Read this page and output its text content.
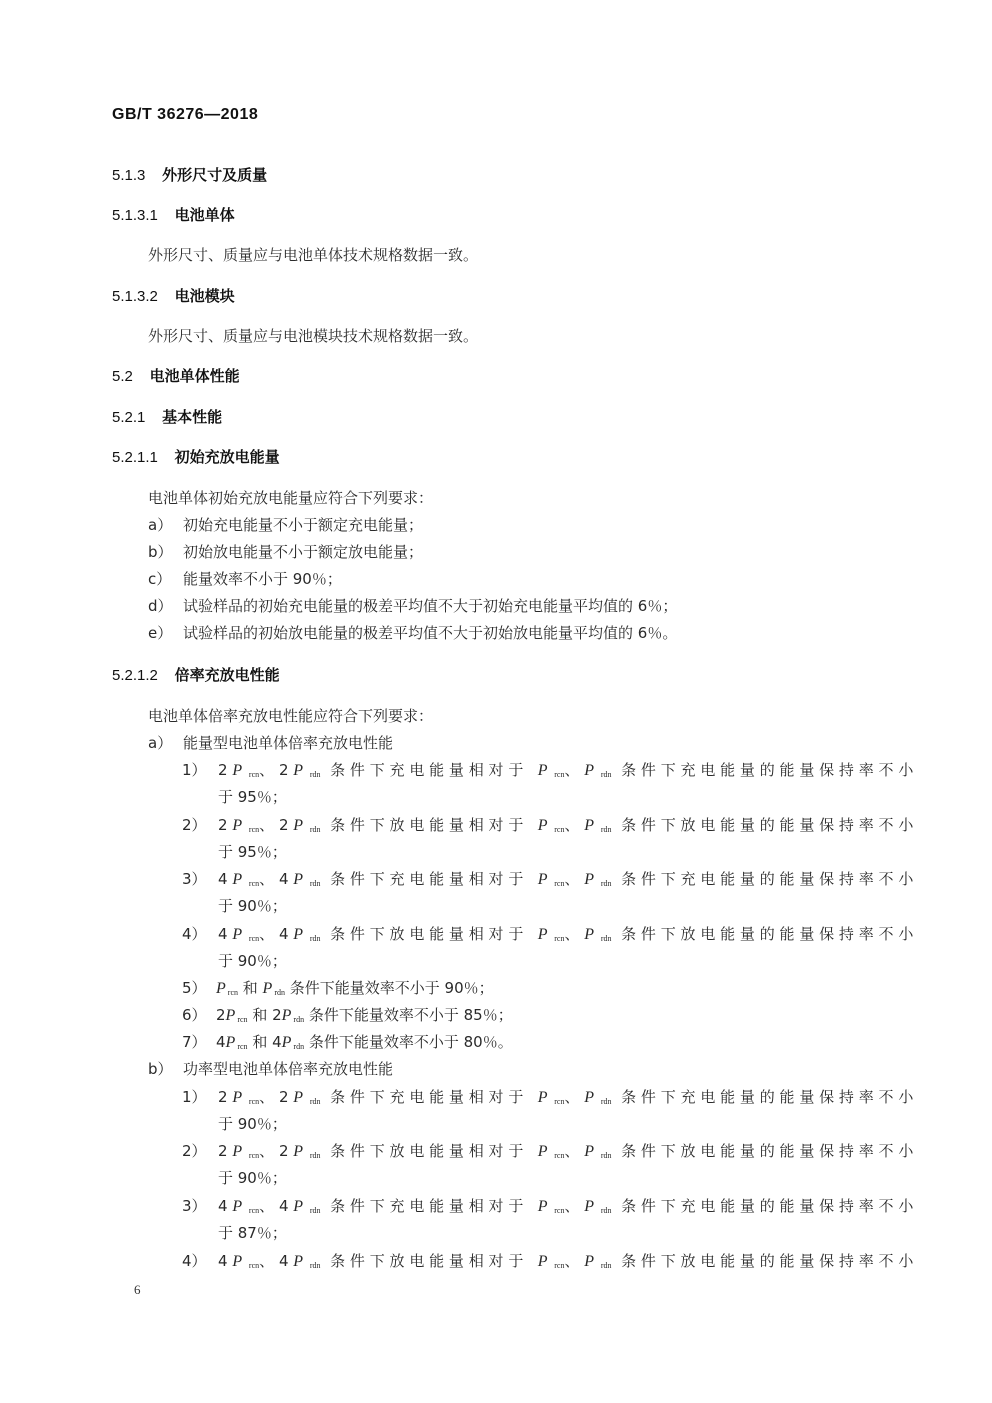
GB/T 36276—2018
5.1.3 外形尺寸及质量
5.1.3.1 电池单体
外形尺寸、质量应与电池单体技术规格数据一致。
5.1.3.2 电池模块
外形尺寸、质量应与电池模块技术规格数据一致。
5.2 电池单体性能
5.2.1 基本性能
5.2.1.1 初始充放电能量
电池单体初始充放电能量应符合下列要求：
a） 初始充电能量不小于额定充电能量；
b） 初始放电能量不小于额定放电能量；
c） 能量效率不小于 90％；
d） 试验样品的初始充电能量的极差平均值不大于初始充电能量平均值的 6％；
e） 试验样品的初始放电能量的极差平均值不大于初始放电能量平均值的 6％。
5.2.1.2 倍率充放电性能
电池单体倍率充放电性能应符合下列要求：
a） 能量型电池单体倍率充放电性能
1） 2P $_{rcn}$、2P $_{rdn}$ 条件下充电能量相对于 P $_{rcn}$、P $_{rdn}$ 条件下充电能量的能量保持率不小
于 95％；
2） 2P $_{rcn}$、2P $_{rdn}$ 条件下放电能量相对于 P $_{rcn}$、P $_{rdn}$ 条件下放电能量的能量保持率不小
于 95％；
3） 4P $_{rcn}$、4P $_{rdn}$ 条件下充电能量相对于 P $_{rcn}$、P $_{rdn}$ 条件下充电能量的能量保持率不小
于 90％；
4） 4P $_{rcn}$、4P $_{rdn}$ 条件下放电能量相对于 P $_{rcn}$、P $_{rdn}$ 条件下放电能量的能量保持率不小
于 90％；
5） P $_{rcn}$ 和 P $_{rdn}$ 条件下能量效率不小于 90％；
6） 2P $_{rcn}$ 和 2P $_{rdn}$ 条件下能量效率不小于 85％；
7） 4P $_{rcn}$ 和 4P $_{rdn}$ 条件下能量效率不小于 80％。
b） 功率型电池单体倍率充放电性能
1） 2P $_{rcn}$、2P $_{rdn}$ 条件下充电能量相对于 P $_{rcn}$、P $_{rdn}$ 条件下充电能量的能量保持率不小
于 90％；
2） 2P $_{rcn}$、2P $_{rdn}$ 条件下放电能量相对于 P $_{rcn}$、P $_{rdn}$ 条件下放电能量的能量保持率不小
于 90％；
3） 4P $_{rcn}$、4P $_{rdn}$ 条件下充电能量相对于 P $_{rcn}$、P $_{rdn}$ 条件下充电能量的能量保持率不小
于 87％；
4） 4P $_{rcn}$、4P $_{rdn}$ 条件下放电能量相对于 P $_{rcn}$、P $_{rdn}$ 条件下放电能量的能量保持率不小
6
